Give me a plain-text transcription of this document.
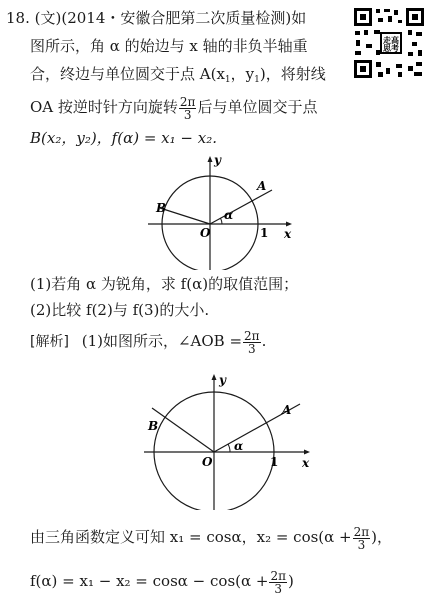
18. (文)(2014・安徽合肥第二次质量检测)如
图所示，角 α 的始边与 x 轴的非负半轴重
合，终边与单位圆交于点 $A(x_1$，$y_1$)，将射线
OA 按逆时针方向旋转 $\frac{2\pi}{3}$ 后与单位圆交于点
B(x₂，y₂)，f(α) = x₁ − x₂.
走高
思考
y
x
O	1
A
B	α
(1)若角 α 为锐角，求 f(α)的取值范围；
(2)比较 f(2)与 f(3)的大小.
[解析] (1)如图所示，∠AOB = $\frac{2\pi}{3}$ .
y
x
O	1
A
B
α
由三角函数定义可知 x₁ = cosα，$x_2 = \cos(\alpha + \frac{2\pi}{3}$ )，
$f(\alpha) = x_1 - x_2 = \cos\alpha - \cos(\alpha + \frac{2\pi}{3}$ )
